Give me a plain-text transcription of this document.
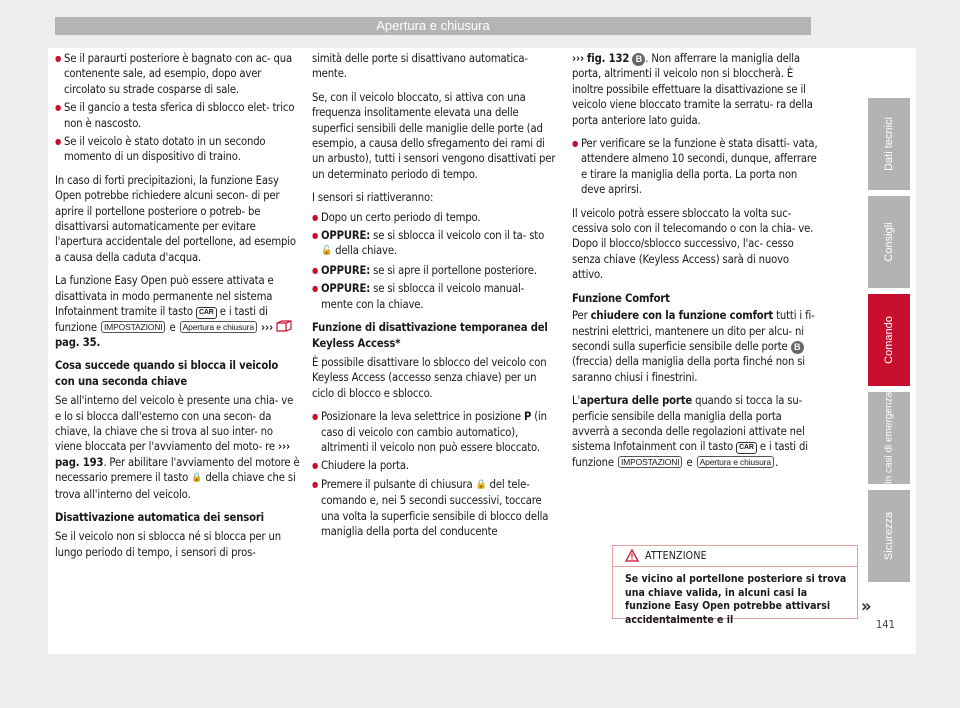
Apertura e chiusura

● Se il paraurti posteriore è bagnato con ac- qua contenente sale, ad esempio, dopo aver circolato su strade cosparse di sale.

● Se il gancio a testa sferica di sblocco elet- trico non è nascosto.

● Se il veicolo è stato dotato in un secondo momento di un dispositivo di traino.

In caso di forti precipitazioni, la funzione Easy Open potrebbe richiedere alcuni secon- di per aprire il portellone posteriore o potreb- be disattivarsi automaticamente per evitare l'apertura accidentale del portellone, ad esempio a causa della caduta d'acqua.

La funzione Easy Open può essere attivata e disattivata in modo permanente nel sistema Infotainment tramite il tasto CAR e i tasti di funzione IMPOSTAZIONI e Apertura e chiusura ›››  pag. 35.

Cosa succede quando si blocca il veicolo con una seconda chiave

Se all'interno del veicolo è presente una chia- ve e lo si blocca dall'esterno con una secon- da chiave, la chiave che si trova al suo inter- no viene bloccata per l'avviamento del moto- re ››› pag. 193. Per abilitare l'avviamento del motore è necessario premere il tasto 🔒 della chiave che si trova all'interno del veicolo.

Disattivazione automatica dei sensori

Se il veicolo non si sblocca né si blocca per un lungo periodo di tempo, i sensori di pros-

simità delle porte si disattivano automatica- mente.

Se, con il veicolo bloccato, si attiva con una frequenza insolitamente elevata una delle superfici sensibili delle maniglie delle porte (ad esempio, a causa dello sfregamento dei rami di un arbusto), tutti i sensori vengono disattivati per un determinato periodo di tempo.

I sensori si riattiveranno:

● Dopo un certo periodo di tempo.

● OPPURE: se si sblocca il veicolo con il ta- sto 🔓 della chiave.

● OPPURE: se si apre il portellone posteriore.

● OPPURE: se si sblocca il veicolo manual- mente con la chiave.

Funzione di disattivazione temporanea del Keyless Access*

È possibile disattivare lo sblocco del veicolo con Keyless Access (accesso senza chiave) per un ciclo di blocco e sblocco.

● Posizionare la leva selettrice in posizione P (in caso di veicolo con cambio automatico), altrimenti il veicolo non può essere bloccato.

● Chiudere la porta.

● Premere il pulsante di chiusura 🔒 del tele- comando e, nei 5 secondi successivi, toccare una volta la superficie sensibile di blocco della maniglia della porta del conducente

››› fig. 132 B . Non afferrare la maniglia della porta, altrimenti il veicolo non si bloccherà. È inoltre possibile effettuare la disattivazione se il veicolo viene bloccato tramite la serratu- ra della porta anteriore lato guida.

● Per verificare se la funzione è stata disatti- vata, attendere almeno 10 secondi, dunque, afferrare e tirare la maniglia della porta. La porta non deve aprirsi.

Il veicolo potrà essere sbloccato la volta suc- cessiva solo con il telecomando o con la chia- ve. Dopo il blocco/sblocco successivo, l'ac- cesso senza chiave (Keyless Access) sarà di nuovo attivo.

Funzione Comfort

Per chiudere con la funzione comfort tutti i fi- nestrini elettrici, mantenere un dito per alcu- ni secondi sulla superficie sensibile delle porte B (freccia) della maniglia della porta finché non si saranno chiusi i finestrini.

L'apertura delle porte quando si tocca la su- perficie sensibile della maniglia della porta avverrà a seconda delle regolazioni attivate nel sistema Infotainment con il tasto CAR e i tasti di funzione IMPOSTAZIONI e Apertura e chiusura .

ATTENZIONE
Se vicino al portellone posteriore si trova una chiave valida, in alcuni casi la funzione Easy Open potrebbe attivarsi accidentalmente e il
»
Dati tecnici
Consigli
Comando
In casi di emergenza
Sicurezza
141
